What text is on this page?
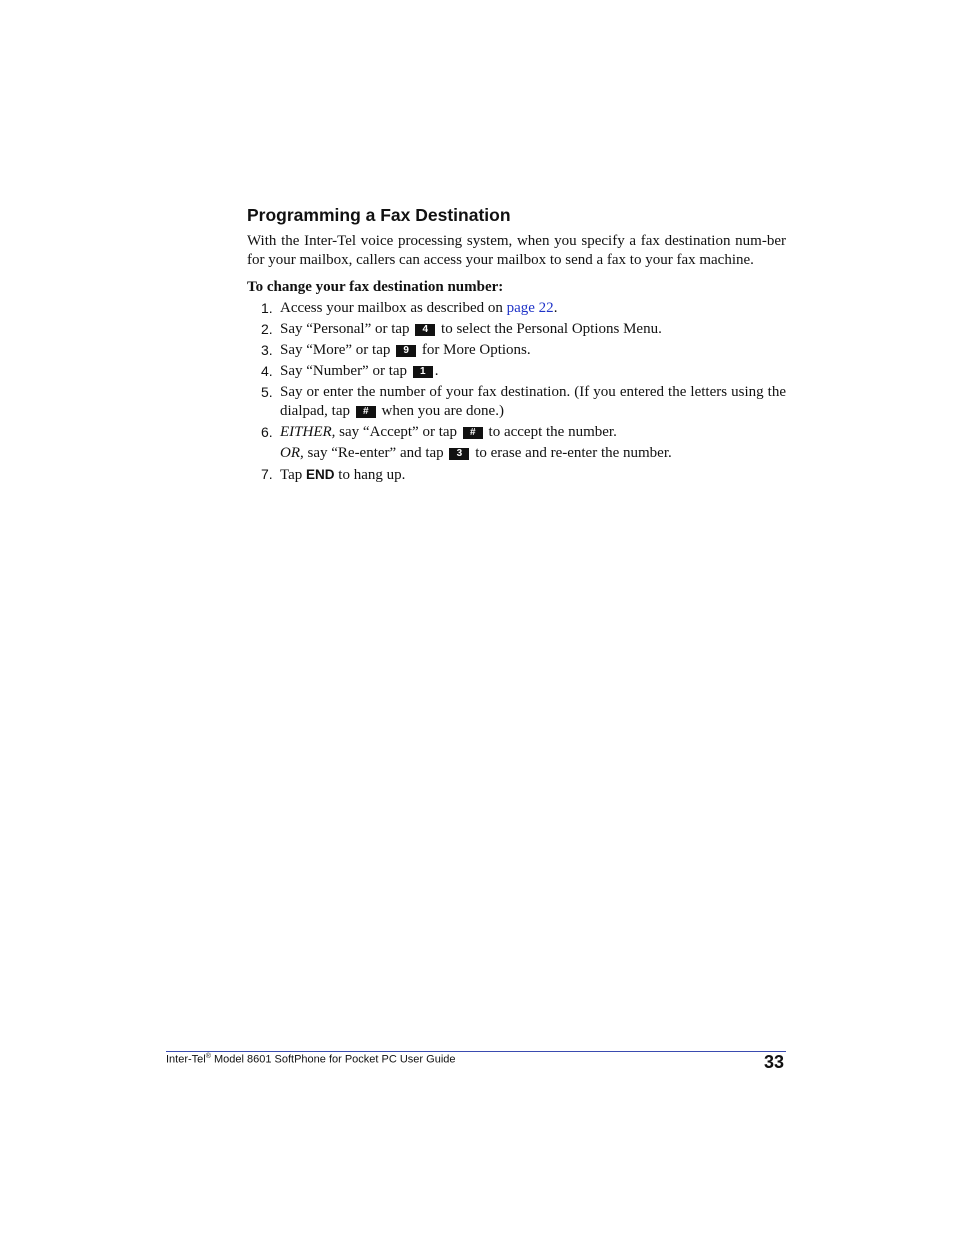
Programming a Fax Destination

With the Inter-Tel voice processing system, when you specify a fax destination num-ber for your mailbox, callers can access your mailbox to send a fax to your fax machine.

To change your fax destination number:
1. Access your mailbox as described on page 22.
2. Say “Personal” or tap 4 to select the Personal Options Menu.
3. Say “More” or tap 9 for More Options.
4. Say “Number” or tap 1 .
5. Say or enter the number of your fax destination. (If you entered the letters using the dialpad, tap # when you are done.)
6. EITHER, say “Accept” or tap # to accept the number.
OR, say “Re-enter” and tap 3 to erase and re-enter the number.
7. Tap END to hang up.
Inter-Tel® Model 8601 SoftPhone for Pocket PC User Guide	33
